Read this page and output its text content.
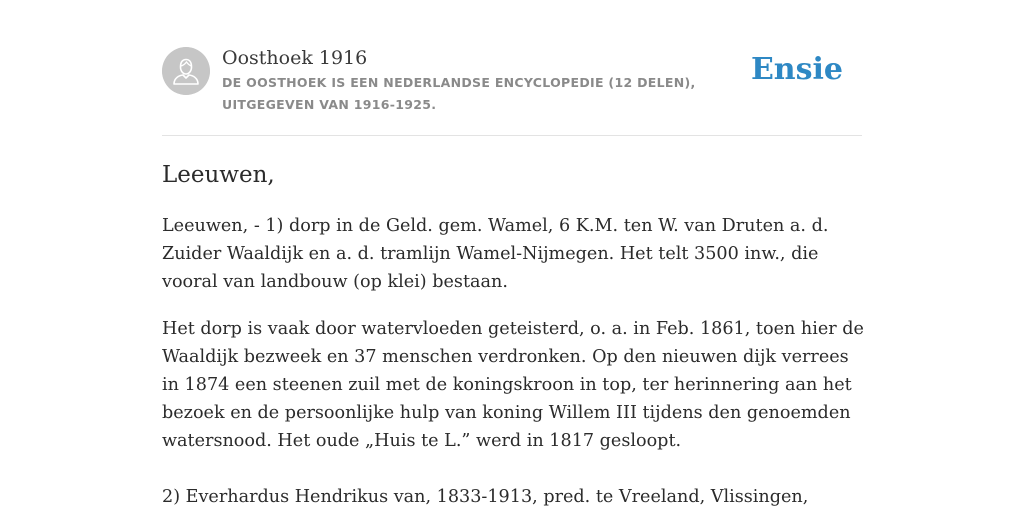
Oosthoek 1916
DE OOSTHOEK IS EEN NEDERLANDSE ENCYCLOPEDIE (12 DELEN), UITGEGEVEN VAN 1916-1925.
Ensie
Leeuwen,

Leeuwen, - 1) dorp in de Geld. gem. Wamel, 6 K.M. ten W. van Druten a. d. Zuider Waaldijk en a. d. tramlijn Wamel-Nijmegen. Het telt 3500 inw., die vooral van landbouw (op klei) bestaan.

Het dorp is vaak door watervloeden geteisterd, o. a. in Feb. 1861, toen hier de Waaldijk bezweek en 37 menschen verdronken. Op den nieuwen dijk verrees in 1874 een steenen zuil met de koningskroon in top, ter herinnering aan het bezoek en de persoonlijke hulp van koning Willem III tijdens den genoemden watersnood. Het oude „Huis te L.” werd in 1817 gesloopt.

2) Everhardus Hendrikus van, 1833-1913, pred. te Vreeland, Vlissingen,
